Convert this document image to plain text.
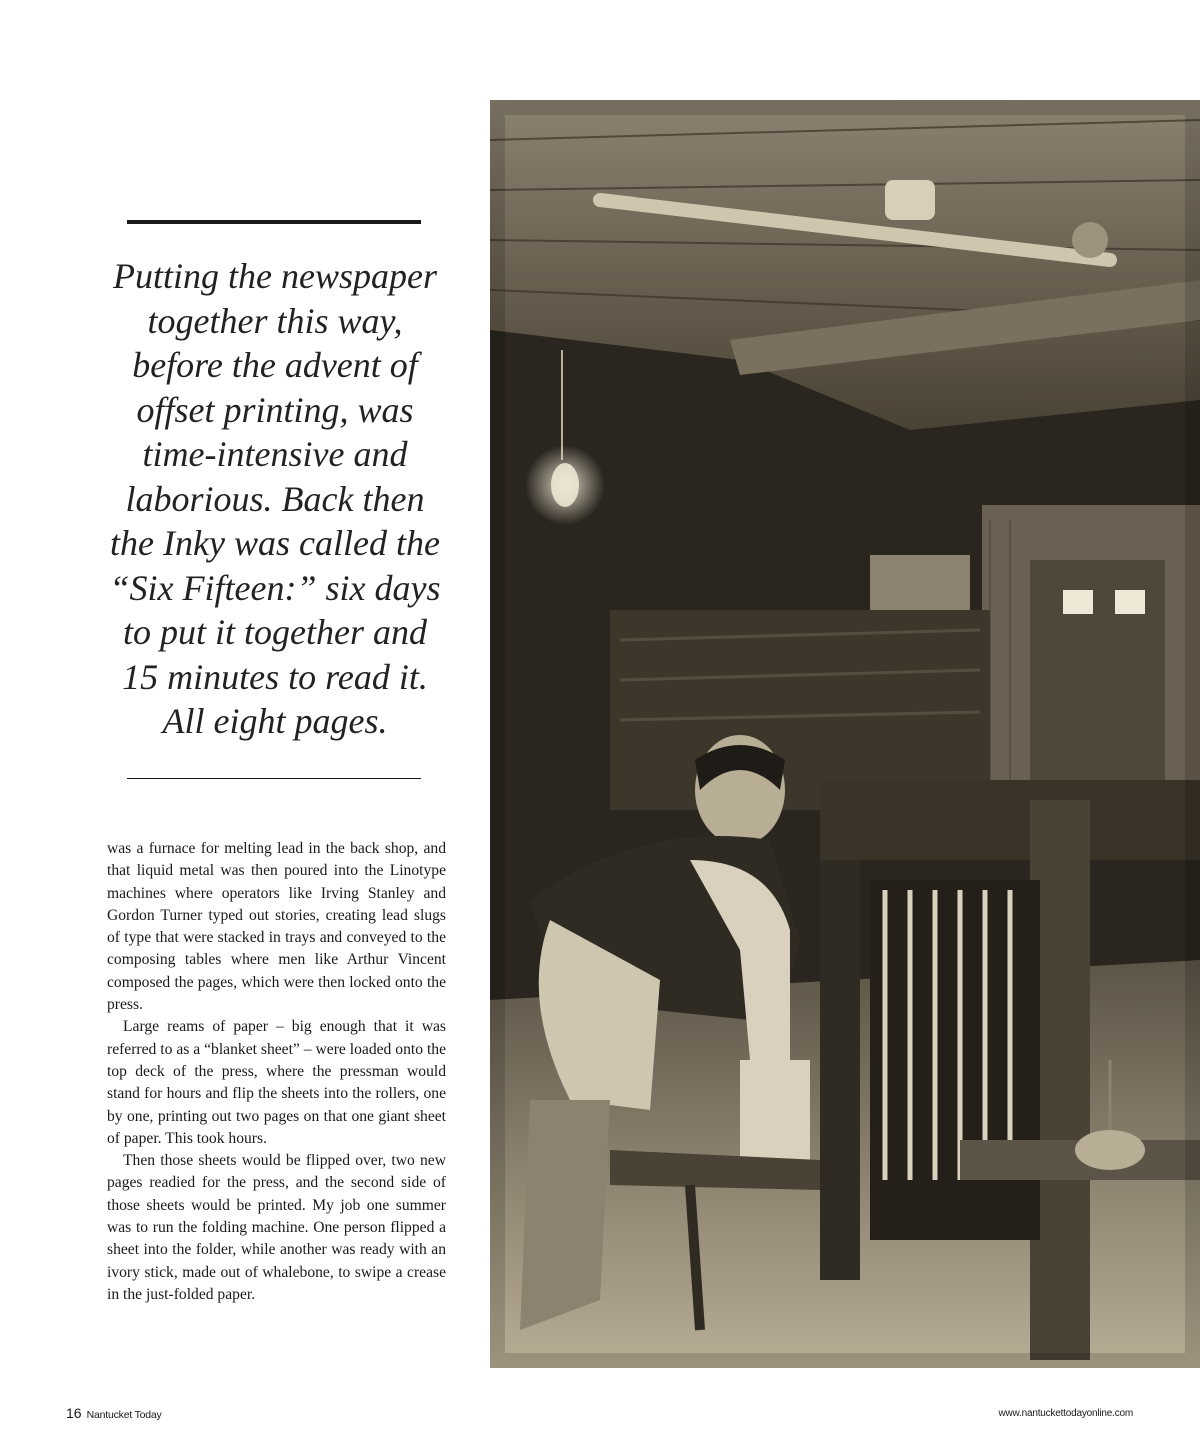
Putting the newspaper
together this way,
before the advent of
offset printing, was
time-intensive and
laborious. Back then
the Inky was called the
“Six Fifteen:” six days
to put it together and
15 minutes to read it.
All eight pages.

was a furnace for melting lead in the back shop, and that liquid metal was then poured into the Linotype machines where operators like Irving Stanley and Gordon Turner typed out stories, creating lead slugs of type that were stacked in trays and conveyed to the composing tables where men like Arthur Vincent composed the pages, which were then locked onto the press.

Large reams of paper – big enough that it was referred to as a “blanket sheet” – were loaded onto the top deck of the press, where the pressman would stand for hours and flip the sheets into the rollers, one by one, printing out two pages on that one giant sheet of paper. This took hours.

Then those sheets would be flipped over, two new pages readied for the press, and the second side of those sheets would be printed. My job one summer was to run the folding machine. One person flipped a sheet into the folder, while another was ready with an ivory stick, made out of whalebone, to swipe a crease in the just-folded paper.

16 Nantucket Today	www.nantuckettodayonline.com
